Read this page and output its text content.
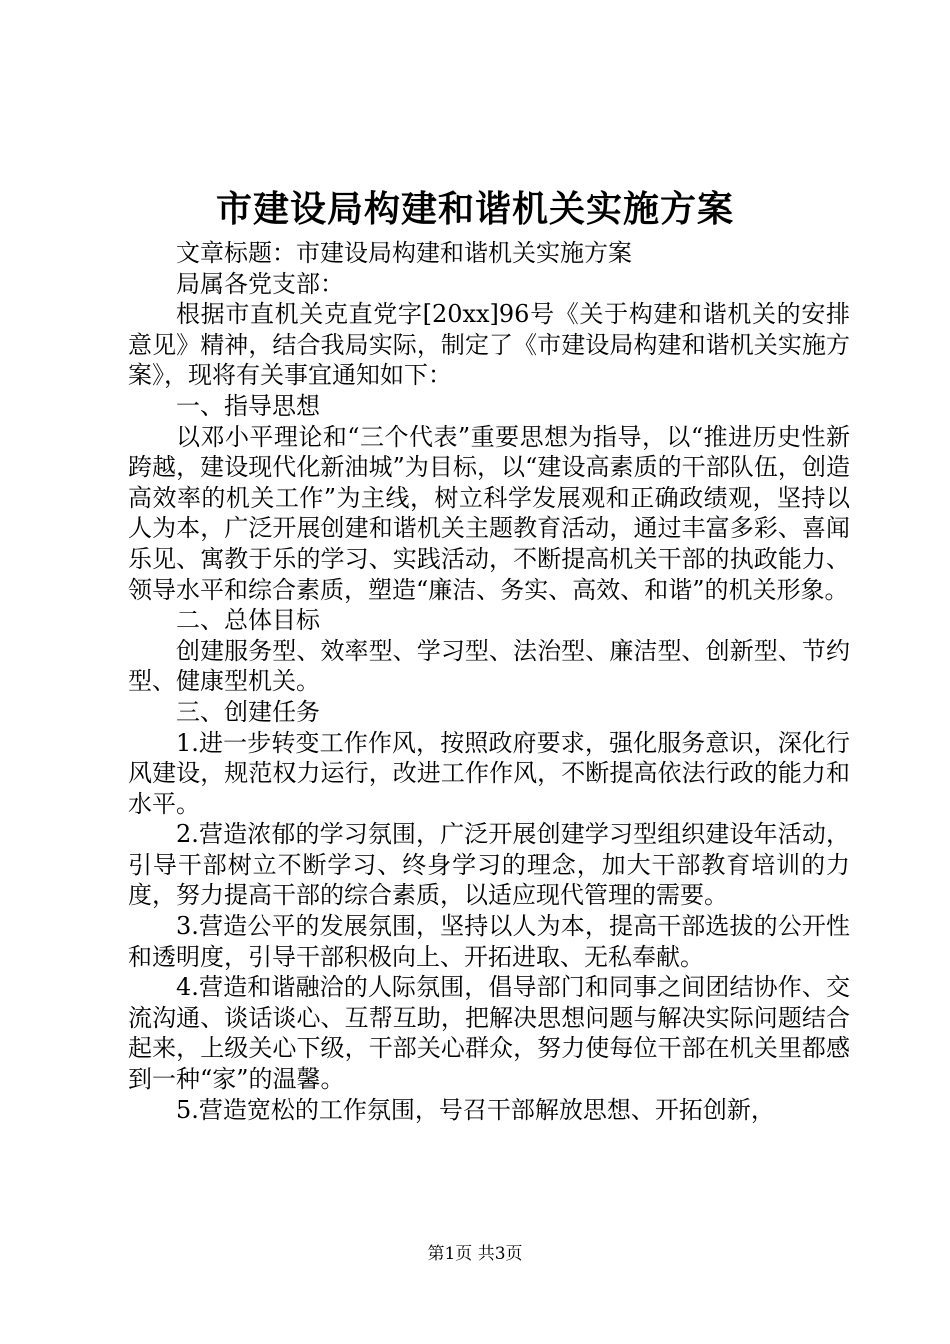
市建设局构建和谐机关实施方案

文章标题：市建设局构建和谐机关实施方案

局属各党支部：

根据市直机关克直党字[20xx]96号《关于构建和谐机关的安排意见》精神，结合我局实际，制定了《市建设局构建和谐机关实施方案》，现将有关事宜通知如下：

一、指导思想

以邓小平理论和“三个代表”重要思想为指导，以“推进历史性新跨越，建设现代化新油城”为目标，以“建设高素质的干部队伍，创造高效率的机关工作”为主线，树立科学发展观和正确政绩观，坚持以人为本，广泛开展创建和谐机关主题教育活动，通过丰富多彩、喜闻乐见、寓教于乐的学习、实践活动，不断提高机关干部的执政能力、领导水平和综合素质，塑造“廉洁、务实、高效、和谐”的机关形象。

二、总体目标

创建服务型、效率型、学习型、法治型、廉洁型、创新型、节约型、健康型机关。

三、创建任务

1.进一步转变工作作风，按照政府要求，强化服务意识，深化行风建设，规范权力运行，改进工作作风，不断提高依法行政的能力和水平。

2.营造浓郁的学习氛围，广泛开展创建学习型组织建设年活动，引导干部树立不断学习、终身学习的理念，加大干部教育培训的力度，努力提高干部的综合素质，以适应现代管理的需要。

3.营造公平的发展氛围，坚持以人为本，提高干部选拔的公开性和透明度，引导干部积极向上、开拓进取、无私奉献。

4.营造和谐融洽的人际氛围，倡导部门和同事之间团结协作、交流沟通、谈话谈心、互帮互助，把解决思想问题与解决实际问题结合起来，上级关心下级，干部关心群众，努力使每位干部在机关里都感到一种“家”的温馨。

5.营造宽松的工作氛围，号召干部解放思想、开拓创新，

第1页 共3页
